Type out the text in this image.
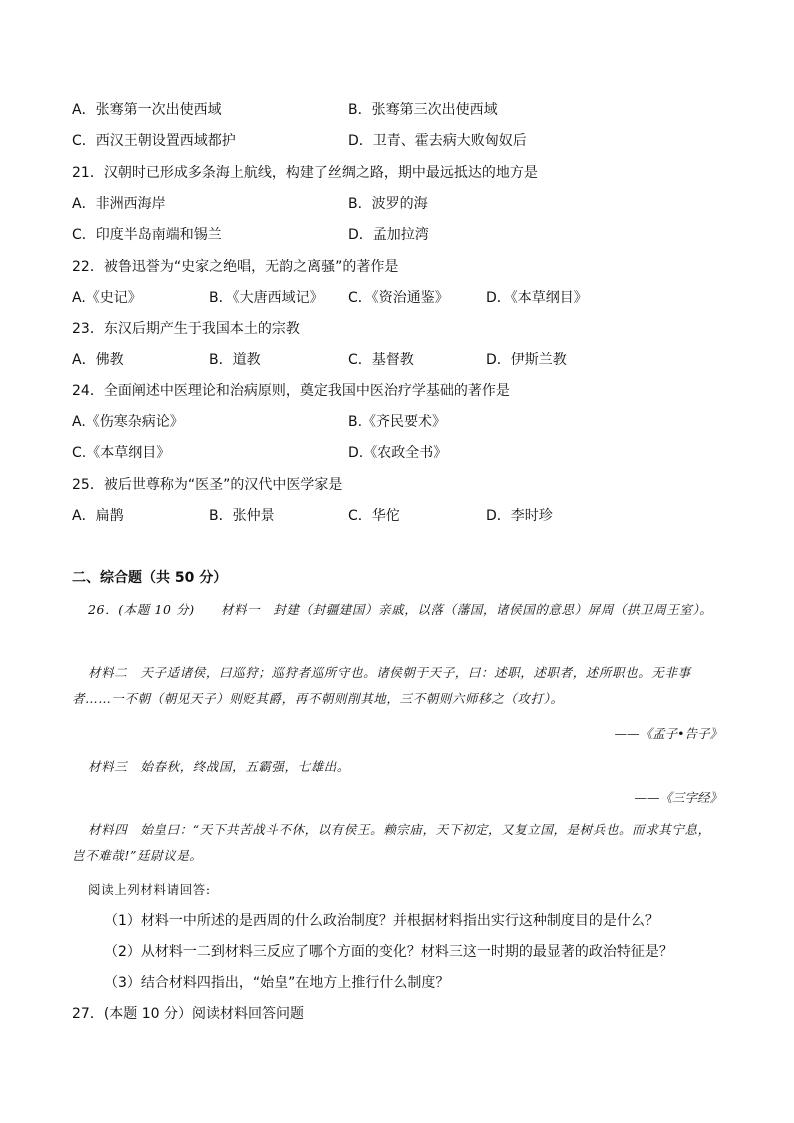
A．张骞第一次出使西域	B．张骞第三次出使西域
C．西汉王朝设置西域都护	D．卫青、霍去病大败匈奴后
21．汉朝时已形成多条海上航线，构建了丝绸之路，期中最远抵达的地方是
A．非洲西海岸	B．波罗的海
C．印度半岛南端和锡兰	D．孟加拉湾
22．被鲁迅誉为“史家之绝唱，无韵之离骚”的著作是
A.《史记》	B．《大唐西域记》 C．《资治通鉴》	D．《本草纲目》
23．东汉后期产生于我国本土的宗教
A．佛教	B．道教	C．基督教	D．伊斯兰教
24．全面阐述中医理论和治病原则，奠定我国中医治疗学基础的著作是
A.《伤寒杂病论》	B.《齐民要术》
C.《本草纲目》	D.《农政全书》
25．被后世尊称为“医圣”的汉代中医学家是
A．扁鹊	B．张仲景	C．华佗	D．李时珍
二、综合题（共 50 分）
26．(本题 10 分)　　材料一　封建（封疆建国）亲戚，以落（藩国，诸侯国的意思）屏周（拱卫周王室）。
材料二　天子适诸侯，曰巡狩；巡狩者巡所守也。诸侯朝于天子，曰：述职，述职者，述所职也。无非事者……一不朝（朝见天子）则贬其爵，再不朝则削其地，三不朝则六师移之（攻打）。
——《孟子•告子》
材料三　始春秋，终战国，五霸强，七雄出。
——《三字经》
材料四　始皇曰：“天下共苦战斗不休，以有侯王。赖宗庙，天下初定，又复立国，是树兵也。而求其宁息，岂不难哉!”廷尉议是。
阅读上列材料请回答:
（1）材料一中所述的是西周的什么政治制度？并根据材料指出实行这种制度目的是什么？
（2）从材料一二到材料三反应了哪个方面的变化？材料三这一时期的最显著的政治特征是？
（3）结合材料四指出，“始皇”在地方上推行什么制度？
27．(本题 10 分）阅读材料回答问题
